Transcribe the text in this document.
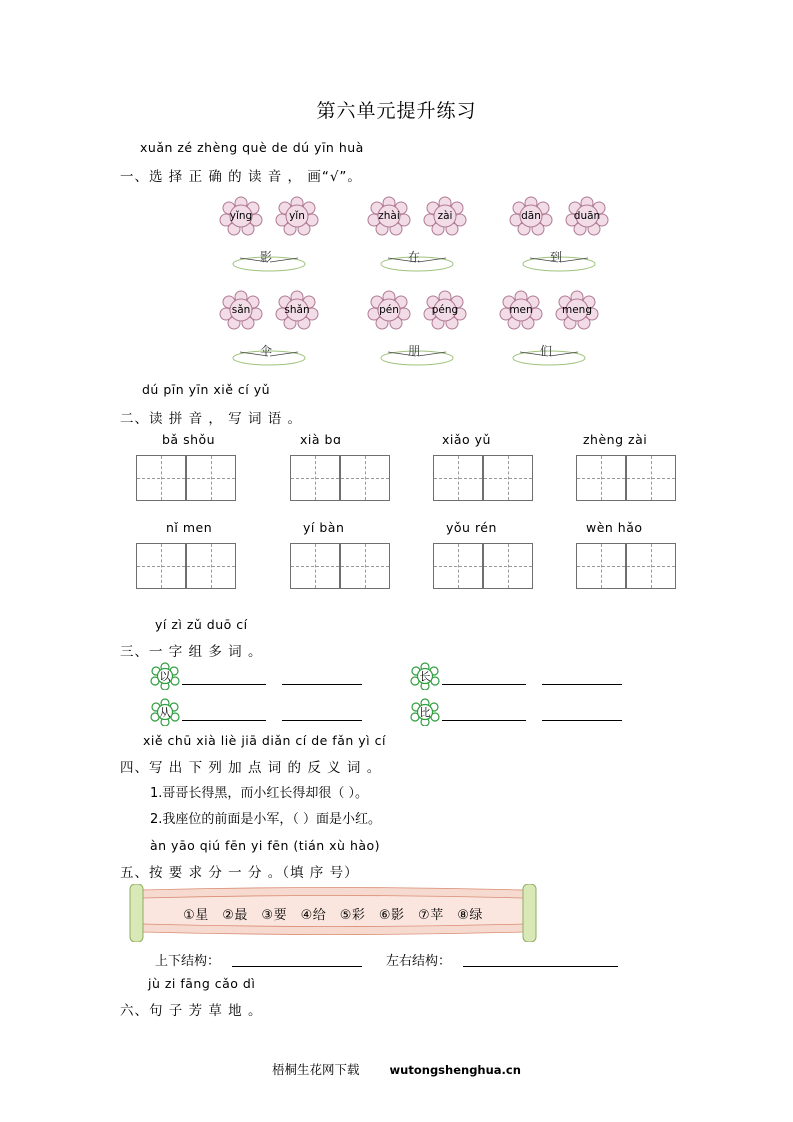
第六单元提升练习
xuǎn zé zhèng què de dú yīn huà
一、选 择 正 确 的 读 音 ， 画“√”。
yǐng	yǐn
影
zhài	zài
在
dān	duān
到
sǎn	shǎn
伞
pén	péng
朋
men	meng
们
dú pīn yīn xiě cí yǔ
二、读 拼 音 ， 写 词 语 。
bǎ shǒu	xià bɑ	xiǎo yǔ	zhèng zài
nǐ men	yí bàn	yǒu rén	wèn hǎo
yí zì zǔ duō cí
三、一 字 组 多 词 。
以	长
从	比
xiě chū xià liè jiā diǎn cí de fǎn yì cí
四、写 出 下 列 加 点 词 的 反 义 词 。
1.哥哥长得黑，而小红长得却很（ ）。
2.我座位的前面是小军，（ ）面是小红。
àn yāo qiú fēn yi fēn (tián xù hào)
五、按 要 求 分 一 分 。（填 序 号）
①星　②最　③要　④给　⑤彩　⑥影　⑦苹　⑧绿
上下结构：	左右结构：
jù zi fāng cǎo dì
六、句 子 芳 草 地 。
梧桐生花网下载	wutongshenghua.cn
